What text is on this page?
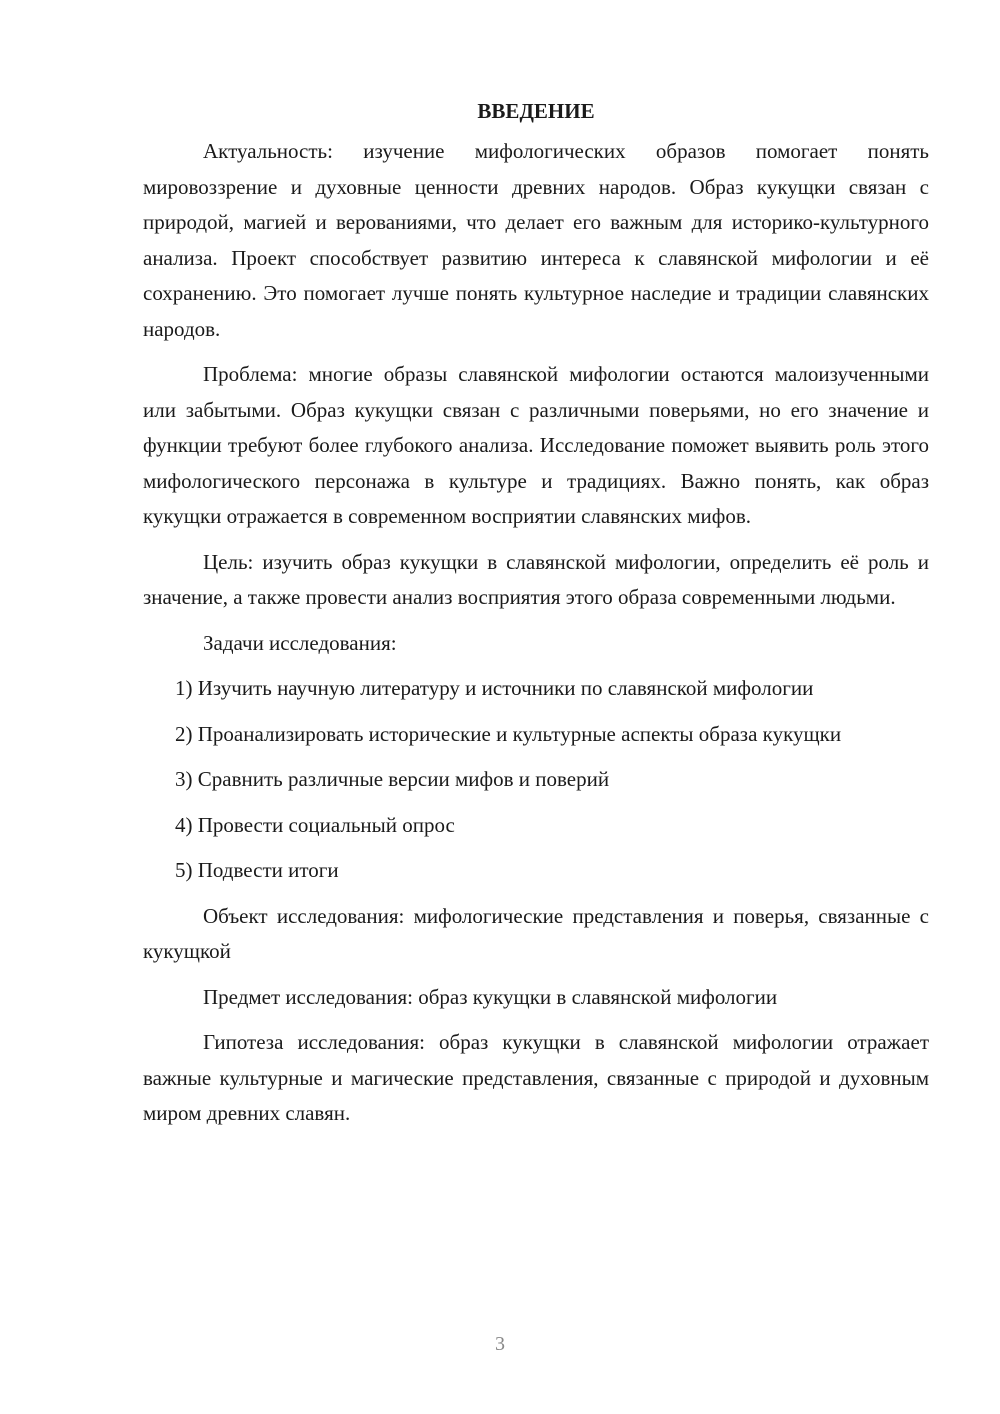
ВВЕДЕНИЕ

Актуальность: изучение мифологических образов помогает понять мировоззрение и духовные ценности древних народов. Образ кукущки связан с природой, магией и верованиями, что делает его важным для историко-культурного анализа. Проект способствует развитию интереса к славянской мифологии и её сохранению. Это помогает лучше понять культурное наследие и традиции славянских народов.

Проблема: многие образы славянской мифологии остаются малоизученными или забытыми. Образ кукущки связан с различными поверьями, но его значение и функции требуют более глубокого анализа. Исследование поможет выявить роль этого мифологического персонажа в культуре и традициях. Важно понять, как образ кукущки отражается в современном восприятии славянских мифов.

Цель: изучить образ кукущки в славянской мифологии, определить её роль и значение, а также провести анализ восприятия этого образа современными людьми.

Задачи исследования:

1) Изучить научную литературу и источники по славянской мифологии

2) Проанализировать исторические и культурные аспекты образа кукущки

3) Сравнить различные версии мифов и поверий

4) Провести социальный опрос

5) Подвести итоги

Объект исследования: мифологические представления и поверья, связанные с кукущкой

Предмет исследования: образ кукущки в славянской мифологии

Гипотеза исследования: образ кукущки в славянской мифологии отражает важные культурные и магические представления, связанные с природой и духовным миром древних славян.

3
